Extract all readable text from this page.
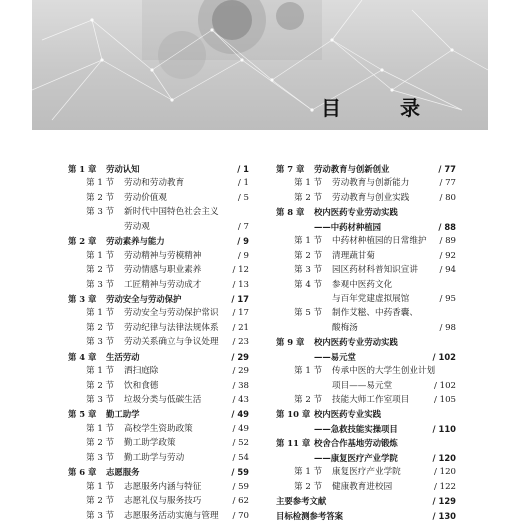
目 录
第 1 章 劳动认知	/ 1
第 1 节 劳动和劳动教育	/ 1
第 2 节 劳动价值观	/ 5
第 3 节 新时代中国特色社会主义
劳动观	/ 7
第 2 章 劳动素养与能力	/ 9
第 1 节 劳动精神与劳模精神	/ 9
第 2 节 劳动情感与职业素养	/ 12
第 3 节 工匠精神与劳动成才	/ 13
第 3 章 劳动安全与劳动保护	/ 17
第 1 节 劳动安全与劳动保护常识 / 17
第 2 节 劳动纪律与法律法规体系 / 21
第 3 节 劳动关系确立与争议处理 / 23
第 4 章 生活劳动	/ 29
第 1 节 洒扫庭除	/ 29
第 2 节 饮和食德	/ 38
第 3 节 垃圾分类与低碳生活	/ 43
第 5 章 勤工助学	/ 49
第 1 节 高校学生资助政策	/ 49
第 2 节 勤工助学政策	/ 52
第 3 节 勤工助学与劳动	/ 54
第 6 章 志愿服务	/ 59
第 1 节 志愿服务内涵与特征	/ 59
第 2 节 志愿礼仪与服务技巧	/ 62
第 3 节 志愿服务活动实施与管理 / 70
第 7 章 劳动教育与创新创业	/ 77
第 1 节 劳动教育与创新能力	/ 77
第 2 节 劳动教育与创业实践	/ 80
第 8 章 校内医药专业劳动实践
——中药材种植园	/ 88
第 1 节 中药材种植园的日常维护 / 89
第 2 节 清理蔬甘菊	/ 92
第 3 节 园区药材科普知识宣讲 / 94
第 4 节 参观中医药文化
与百年党建虚拟展馆	/ 95
第 5 节 制作艾糍、中药香囊、
酸梅汤	/ 98
第 9 章 校内医药专业劳动实践
——易元堂	/ 102
第 1 节 传承中医的大学生创业计划
项目——易元堂	/ 102
第 2 节 技能大师工作室项目	/ 105
第 10 章 校内医药专业实践
——急救技能实操项目	/ 110
第 11 章 校舍合作基地劳动锻炼
——康复医疗产业学院	/ 120
第 1 节 康复医疗产业学院	/ 120
第 2 节 健康教育进校园	/ 122
主要参考文献	/ 129
目标检测参考答案	/ 130
